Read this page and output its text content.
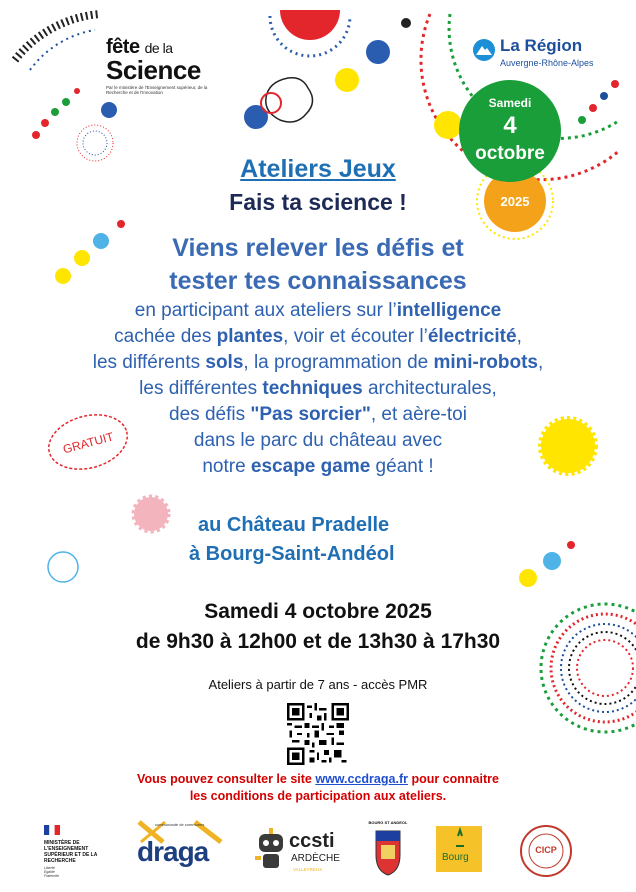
fête de la
Science
Par le ministère de l'Enseignement supérieur, de la Recherche et de l'Innovation
La Région
Auvergne-Rhône-Alpes
Samedi
4
octobre
2025
Ateliers Jeux
Fais ta science !
Viens relever les défis et
tester tes connaissances
en participant aux ateliers sur l’intelligence
cachée des plantes, voir et écouter l’électricité,
les différents sols, la programmation de mini-robots,
les différentes techniques architecturales,
des défis "Pas sorcier", et aère-toi
dans le parc du château avec
notre escape game géant !
GRATUIT
au Château Pradelle
à Bourg-Saint-Andéol
Samedi 4 octobre 2025
de 9h30 à 12h00 et de 13h30 à 17h30
Ateliers à partir de 7 ans - accès PMR
Vous pouvez consulter le site www.ccdraga.fr pour connaitre
les conditions de participation aux ateliers.
MINISTÈRE DE L'ENSEIGNEMENT SUPÉRIEUR ET DE LA RECHERCHE
Liberté Égalité Fraternité
communauté de communes
draga	ccsti
ARDÈCHE
VALLEYREUX
BOURG ST ANDEOL
Bourg
CICP
